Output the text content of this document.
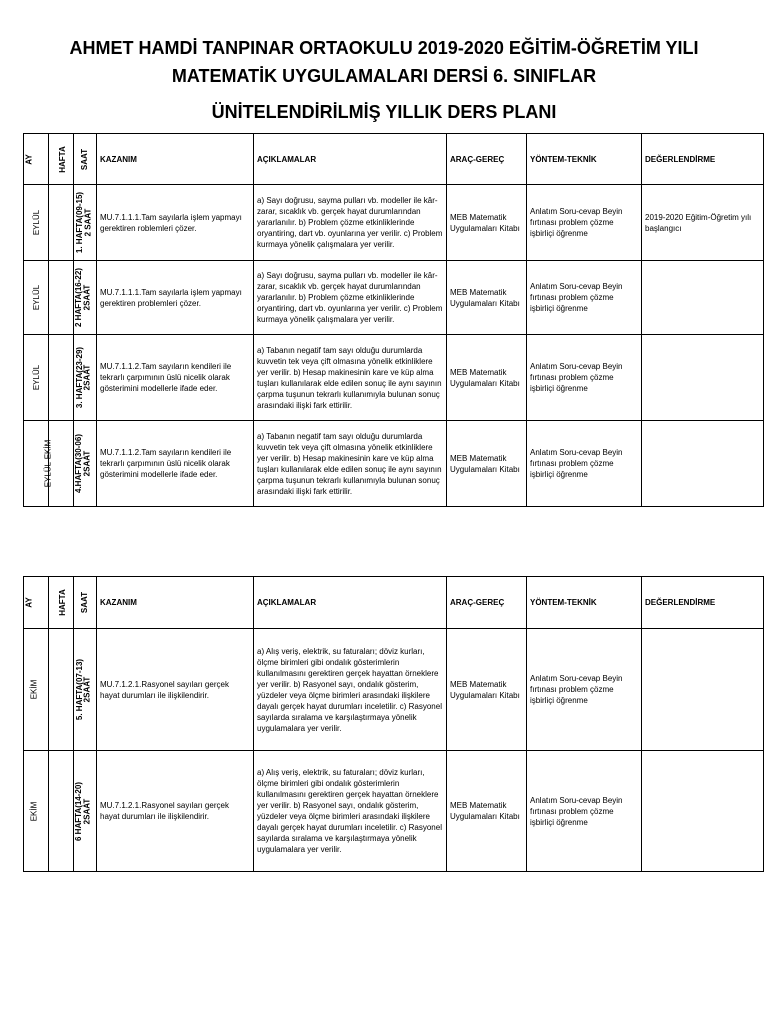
AHMET HAMDİ TANPINAR ORTAOKULU 2019-2020 EĞİTİM-ÖĞRETİM YILI
MATEMATİK UYGULAMALARI DERSİ 6. SINIFLAR
ÜNİTELENDİRİLMİŞ YILLIK DERS PLANI
AY	HAFTA	SAAT	KAZANIM	AÇIKLAMALAR	ARAÇ-GEREÇ	YÖNTEM-TEKNİK	DEĞERLENDİRME
EYLÜL	1. HAFTA(09-15)	2 SAAT	MU.7.1.1.1.Tam sayılarla işlem yapmayı gerektiren roblemleri çözer.	a) Sayı doğrusu, sayma pulları vb. modeller ile kâr-zarar, sıcaklık vb. gerçek hayat durumlarından yararlanılır. b) Problem çözme etkinliklerinde oryantiring, dart vb. oyunlarına yer verilir. c) Problem kurmaya yönelik çalışmalara yer verilir.	MEB Matematik Uygulamaları Kitabı	Anlatım Soru-cevap Beyin fırtınası problem çözme işbirliçi öğrenme	2019-2020 Eğitim-Öğretim yılı başlangıcı
EYLÜL	2 HAFTA(16-22)	2SAAT	MU.7.1.1.1.Tam sayılarla işlem yapmayı gerektiren problemleri çözer.	a) Sayı doğrusu, sayma pulları vb. modeller ile kâr-zarar, sıcaklık vb. gerçek hayat durumlarından yararlanılır. b) Problem çözme etkinliklerinde oryantiring, dart vb. oyunlarına yer verilir. c) Problem kurmaya yönelik çalışmalara yer verilir.	MEB Matematik Uygulamaları Kitabı	Anlatım Soru-cevap Beyin fırtınası problem çözme işbirliçi öğrenme	
EYLÜL	3. HAFTA(23-29)	2SAAT	MU.7.1.1.2.Tam sayıların kendileri ile tekrarlı çarpımının üslü nicelik olarak gösterimini modellerle ifade eder.	a) Tabanın negatif tam sayı olduğu durumlarda kuvvetin tek veya çift olmasına yönelik etkinliklere yer verilir. b) Hesap makinesinin kare ve küp alma tuşları kullanılarak elde edilen sonuç ile aynı sayının çarpma tuşunun tekrarlı kullanımıyla bulunan sonuç arasındaki ilişki fark ettirilir.	MEB Matematik Uygulamaları Kitabı	Anlatım Soru-cevap Beyin fırtınası problem çözme işbirliçi öğrenme	
EYLÜL-EKİM	4.HAFTA(30-06)	2SAAT	MU.7.1.1.2.Tam sayıların kendileri ile tekrarlı çarpımının üslü nicelik olarak gösterimini modellerle ifade eder.	a) Tabanın negatif tam sayı olduğu durumlarda kuvvetin tek veya çift olmasına yönelik etkinliklere yer verilir. b) Hesap makinesinin kare ve küp alma tuşları kullanılarak elde edilen sonuç ile aynı sayının çarpma tuşunun tekrarlı kullanımıyla bulunan sonuç arasındaki ilişki fark ettirilir.	MEB Matematik Uygulamaları Kitabı	Anlatım Soru-cevap Beyin fırtınası problem çözme işbirliçi öğrenme	
AY	HAFTA	SAAT	KAZANIM	AÇIKLAMALAR	ARAÇ-GEREÇ	YÖNTEM-TEKNİK	DEĞERLENDİRME
EKİM	5. HAFTA(07-13)	2SAAT	MU.7.1.2.1.Rasyonel sayıları gerçek hayat durumları ile ilişkilendirir.	a) Alış veriş, elektrik, su faturaları; döviz kurları, ölçme birimleri gibi ondalık gösterimlerin kullanılmasını gerektiren gerçek hayattan örneklere yer verilir. b) Rasyonel sayı, ondalık gösterim, yüzdeler veya ölçme birimleri arasındaki ilişkilere dayalı gerçek hayat durumları inceletilir. c) Rasyonel sayılarda sıralama ve karşılaştırmaya yönelik uygulamalara yer verilir.	MEB Matematik Uygulamaları Kitabı	Anlatım Soru-cevap Beyin fırtınası problem çözme işbirliçi öğrenme	
EKİM	6 HAFTA(14-20)	2SAAT	MU.7.1.2.1.Rasyonel sayıları gerçek hayat durumları ile ilişkilendirir.	a) Alış veriş, elektrik, su faturaları; döviz kurları, ölçme birimleri gibi ondalık gösterimlerin kullanılmasını gerektiren gerçek hayattan örneklere yer verilir. b) Rasyonel sayı, ondalık gösterim, yüzdeler veya ölçme birimleri arasındaki ilişkilere dayalı gerçek hayat durumları inceletilir. c) Rasyonel sayılarda sıralama ve karşılaştırmaya yönelik uygulamalara yer verilir.	MEB Matematik Uygulamaları Kitabı	Anlatım Soru-cevap Beyin fırtınası problem çözme işbirliçi öğrenme	
